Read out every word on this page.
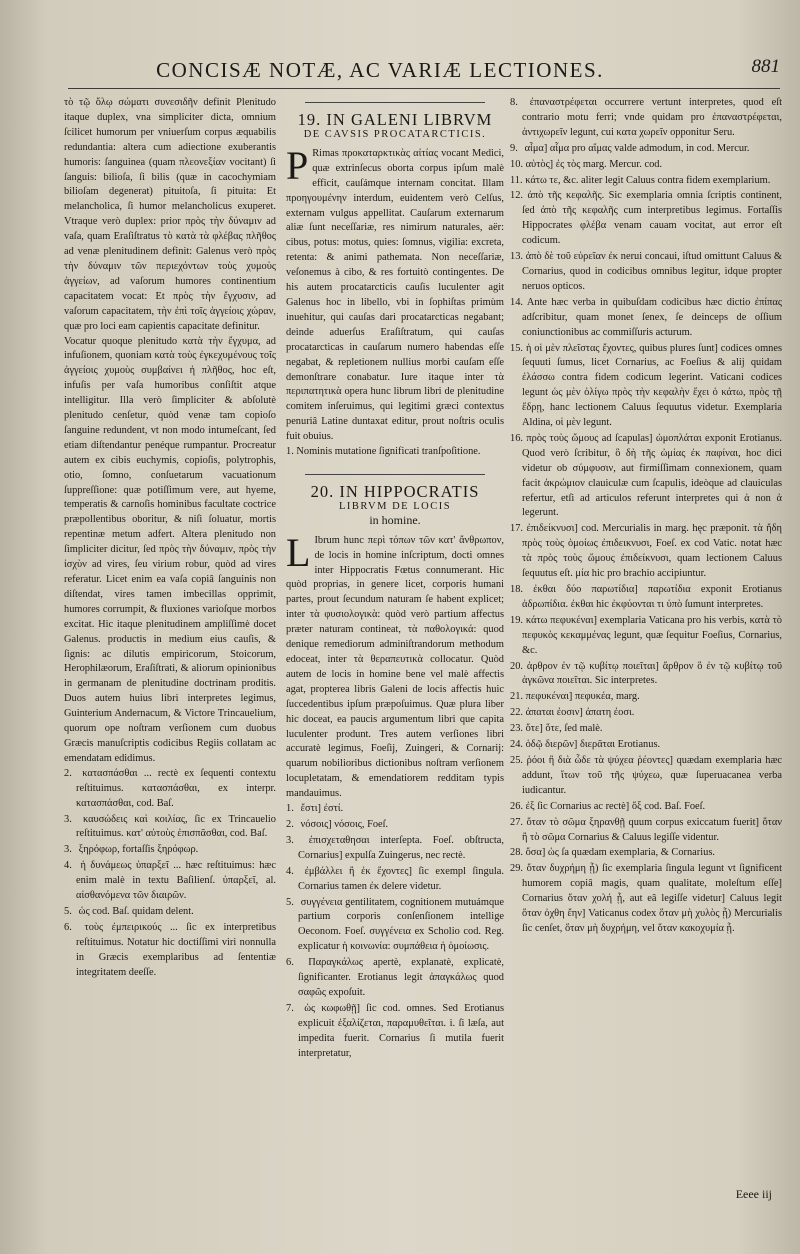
CONCISÆ NOTÆ, AC VARIÆ LECTIONES.	881

τὸ τῷ ὅλῳ σώματι συνεσιδῆν definit Plenitudo itaque duplex, vna simpliciter dicta, omnium ſcilicet humorum per vniuerſum corpus æquabilis redundantia: altera cum adiectione exuberantis humoris: ſanguinea (quam πλεονεξίαν vocitant) ſi ſanguis: bilioſa, ſi bilis (quæ in cacochymiam bilioſam degenerat) pituitoſa, ſi pituita: Et melancholica, ſi humor melancholicus exuperet. Vtraque verò duplex: prior πρὸς τὴν δύναμιν ad vaſa, quam Eraſiſtratus τὸ κατὰ τὰ φλέβας πλῆθος ad venæ plenitudinem definit: Galenus verò πρὸς τὴν δύναμιν τῶν περιεχόντων τοὺς χυμοὺς ἀγγείων, ad vaſorum humores continentium capacitatem vocat: Et πρὸς τὴν ἔγχυσιν, ad vaſorum capacitatem, τὴν ἐπὶ τοῖς ἀγγείοις χώραν, quæ pro loci eam capientis capacitate definitur.

Vocatur quoque plenitudo κατὰ τὴν ἔγχυμα, ad infuſionem, quoniam κατὰ τοὺς ἐγκεχυμένους τοῖς ἀγγείοις χυμοὺς συμβαίνει ἡ πλῆθος, hoc eſt, infuſis per vaſa humoribus conſiſtit atque intelligitur. Illa verò ſimpliciter & abſolutè plenitudo cenſetur, quòd venæ tam copioſo ſanguine redundent, vt non modo intumeſcant, ſed etiam diſtendantur penéque rumpantur. Procreatur autem ex cibis euchymis, copioſis, polytrophis, otio, ſomno, conſuetarum vacuationum ſuppreſſione: quæ potiſſimum vere, aut hyeme, temperatis & carnoſis hominibus facultate coctrice præpollentibus oboritur, & niſi ſoluatur, mortis repentinæ metum adfert. Altera plenitudo non ſimpliciter dicitur, ſed πρὸς τὴν δύναμιν, πρὸς τὴν ἰσχὺν ad vires, ſeu virium robur, quòd ad vires referatur. Licet enim ea vaſa copiâ ſanguinis non diſtendat, vires tamen imbecillas opprimit, humores corrumpit, & fluxiones varioſque morbos excitat. Hic itaque plenitudinem ampliſſimè docet Galenus. productis in medium eius cauſis, & ſignis: ac dilutis empiricorum, Stoicorum, Herophilæorum, Eraſiſtrati, & aliorum opinionibus in germanam de plenitudine doctrinam proditis. Duos autem huius libri interpretes legimus, Guinterium Andernacum, & Victore Trincauelium, quorum ope noſtram verſionem cum duobus Græcis manuſcriptis codicibus Regiis collatam ac emendatam edidimus.

2. κατασπάσθαι ... rectè ex ſequenti contextu reſtituimus. κατασπάσθαι, ex interpr. κατασπάσθαι, cod. Baſ.
3. καυσώδεις καὶ κοιλίας, ſic ex Trincauelio reſtituimus. κατ' αὐτοὺς ἐπισπᾶσθαι, cod. Baſ.
3. ξηρόφωρ, fortaſſis ξηρόφωρ.
4. ἡ δυνάμεως ὑπαρξεῖ ... hæc reſtituimus: hæc enim malè in textu Baſilienſ. ὑπαρξεῖ, al. αἰσθανόμενα τῶν διαιρῶν.
5. ὡς cod. Baſ. quidam delent.
6. τοὺς ἐμπειρικούς ... ſic ex interpretibus reſtituimus. Notatur hic doctiſſimi viri nonnulla in Græcis exemplaribus ad ſententiæ integritatem deeſſe.
19. IN GALENI LIBRVM
DE CAVSIS PROCATARCTICIS.

P Rimas προκαταρκτικὰς αἰτίας vocant Medici, quæ extrinſecus oborta corpus ipſum malè efficit, cauſámque internam concitat. Illam προηγουμένην interdum, euidentem verò Celſus, externam vulgus appellitat. Cauſarum externarum aliæ ſunt neceſſariæ, res nimirum naturales, aër: cibus, potus: motus, quies: ſomnus, vigilia: excreta, retenta: & animi pathemata. Non neceſſariæ, veſonemus à cibo, & res fortuitò contingentes. De his autem procatarcticis cauſis luculenter agit Galenus hoc in libello, vbi in ſophiſtas primùm inuehitur, qui cauſas dari procatarcticas negabant; deinde aduerſus Eraſiſtratum, qui cauſas procatarcticas in cauſarum numero habendas eſſe negabat, & repletionem nullius morbi cauſam eſſe demonſtrare conabatur. Iure itaque inter τὰ περιπατητικὰ opera hunc librum libri de plenitudine comitem inſeruimus, qui legitimi græci contextus penuriâ Latine duntaxat editur, prout noſtris oculis fuit obuius.

1. Nominis mutatione ſignificati tranſpoſitione.

20. IN HIPPOCRATIS
LIBRVM DE LOCIS
in homine.

L Ibrum hunc περὶ τόπων τῶν κατ' ἄνθρωπον, de locis in homine inſcriptum, docti omnes inter Hippocratis Fœtus connumerant. Hic quòd proprias, in genere licet, corporis humani partes, prout ſecundum naturam ſe habent explicet; inter τὰ φυσιολογικὰ: quòd verò partium affectus præter naturam contineat, τὰ παθολογικά: quod denique remediorum adminiſtrandorum methodum edoceat, inter τὰ θεραπευτικὰ collocatur. Quòd autem de locis in homine bene vel malè affectis agat, propterea libris Galeni de locis affectis huic ſuccedentibus ipſum præpoſuimus. Quæ plura liber hic doceat, ea paucis argumentum libri que capita luculenter produnt. Tres autem verſiones libri accuratè legimus, Foeſij, Zuingeri, & Cornarij: quarum nobilioribus dictionibus noſtram verſionem locupletatam, & emendatiorem redditam typis mandauimus.

1. ἔστι] ἐστί.
2. νόσοις] νόσοις, Foeſ.
3. ἐπισχεταθησαι interſepta. Foeſ. obſtructa, Cornarius] expulſa Zuingerus, nec rectè.
4. ἐμβάλλει ἢ ἐκ ἔχοντες] ſic exempl ſingula. Cornarius tamen ἐκ delere videtur.
5. συγγένεια gentilitatem, cognitionem mutuámque partium corporis conſenſionem intellige Oeconom. Foeſ. συγγένεια ex Scholio cod. Reg. explicatur ἡ κοινωνία: συμπάθεια ἡ ὁμοίωσις.
6. Παραγκάλως apertè, explanatè, explicatè, ſignificanter. Erotianus legit ἀπαγκάλως quod σαφῶς expoſuit.
7. ὡς κωφωθῇ] ſic cod. omnes. Sed Erotianus explicuit ἐξαλίζεται, παραμυθεῖται. i. ſi læſa, aut impedita fuerit. Cornarius ſi mutila fuerit interpretatur,
8. ἐπαναστρέφεται occurrere vertunt interpretes, quod eſt contrario motu ferri; vnde quidam pro ἐπαναστρέφεται, ἀντιχωρεῖν legunt, cui κατα χωρεῖν opponitur Seru.
9. αἷμα] αἷμα pro αἵμας valde admodum, in cod. Mercur.
10. αὐτὸς] ἐς τὸς marg. Mercur. cod.
11. κάτω τε, &c. aliter legit Caluus contra fidem exemplarium.
12. ἀπὸ τῆς κεφαλῆς. Sic exemplaria omnia ſcriptis continent, ſed ἀπὸ τῆς κεφαλῆς cum interpretibus legimus. Fortaſſis Hippocrates φλέβα venam cauam vocitat, aut error eſt codicum.
13. ἀπὸ δὲ τοῦ εὐρεῖαν ἐκ nerui concaui, iſtud omittunt Caluus & Cornarius, quod in codicibus omnibus legitur, idque propter neruos opticos.
14. Ante hæc verba in quibuſdam codicibus hæc dictio ἐπίπας adſcribitur, quam monet ſenex, ſe deinceps de oſſium coniunctionibus ac commiſſuris acturum.
15. ἡ οἱ μὲν πλεῖστας ἔχοντες, quibus plures ſunt] codices omnes ſequuti ſumus, licet Cornarius, ac Foeſius & alij quidam ἐλάσσω contra fidem codicum legerint. Vaticani codices legunt ὡς μὲν ὀλίγω πρὸς τὴν κεφαλὴν ἔχει ὁ κάτω, πρὸς τῇ ἔδρῃ, hanc lectionem Caluus ſequutus videtur. Exemplaria Aldina, οἱ μὲν legunt.
16. πρὸς τοὺς ὤμους ad ſcapulas] ὠμοπλάται exponit Erotianus. Quod verò ſcribitur, ὃ δὴ τῆς ὠμίας ἐκ παφίναι, hoc dici videtur ob σύμφυσιν, aut firmiſſimam connexionem, quam facit ἀκρώμιον clauiculæ cum ſcapulis, ideòque ad clauiculas refertur, etſi ad articulos referunt interpretes qui ἀ non ἀ legerunt.
17. ἐπιδείκνυσι] cod. Mercurialis in marg. hęc præponit. τὰ ἤδη πρὸς τοὺς ὁμοίως ἐπιδεικνυσι, Foeſ. ex cod Vatic. notat hæc τὰ πρὸς τοὺς ὤμους ἐπιδείκνυσι, quam lectionem Caluus ſequutus eſt. μία hic pro brachio accipiuntur.
18. ἐκθαι δύο παρωτίδια] παρωτίδια exponit Erotianus ἀδρωπίδια. ἐκθαι hic ἐκφύονται τι ὑπὸ ſumunt interpretes.
19. κάτω πεφυκέναι] exemplaria Vaticana pro his verbis, κατὰ τὸ πεφυκὸς κεκαμμένας legunt, quæ ſequitur Foeſius, Cornarius, &c.
20. ἀρθρον ἐν τῷ κυβίτῳ ποιεῖται] ἄρθρον ὃ ἐν τῷ κυβίτῳ τοῦ ἀγκῶνα ποιεῖται. Sic interpretes.
21. πεφυκέναι] πεφυκέα, marg.
22. ἀπαται ἐοσιν] ἀπατη ἐοσι.
23. ὅτε] ὅτε, ſed malè.
24. ὁδῷ διερῶν] διερᾶται Erotianus.
25. ῥόοι ἢ διὰ ὧδε τὰ ψύχεα ῥέοντες] quædam exemplaria hæc addunt, ἴτων τοῦ τῆς ψύχεω, quæ ſuperuacanea verba iudicantur.
26. ἐξ ſic Cornarius ac rectè] ὄξ cod. Baſ. Foeſ.
27. ὅταν τὸ σῶμα ξηρανθῇ quum corpus exiccatum fuerit] ὅταν ἢ τὸ σῶμα Cornarius & Caluus legiſſe videntur.
28. ὅσα] ὡς ſa quædam exemplaria, & Cornarius.
29. ὅταν δυχρήμη ᾗ) ſic exemplaria ſingula legunt vt ſignificent humorem copiâ magis, quam qualitate, moleſtum eſſe] Cornarius ὅταν χολή ᾗ, aut eâ legiſſe videtur] Caluus legit ὅταν ὀχθη ἔην] Vaticanus codex ὅταν μὴ χυλὸς ᾗ) Mercurialis ſic cenſet, ὅταν μὴ δυχρήμη, vel ὅταν κακοχυμία ᾗ.
Eeee iij
